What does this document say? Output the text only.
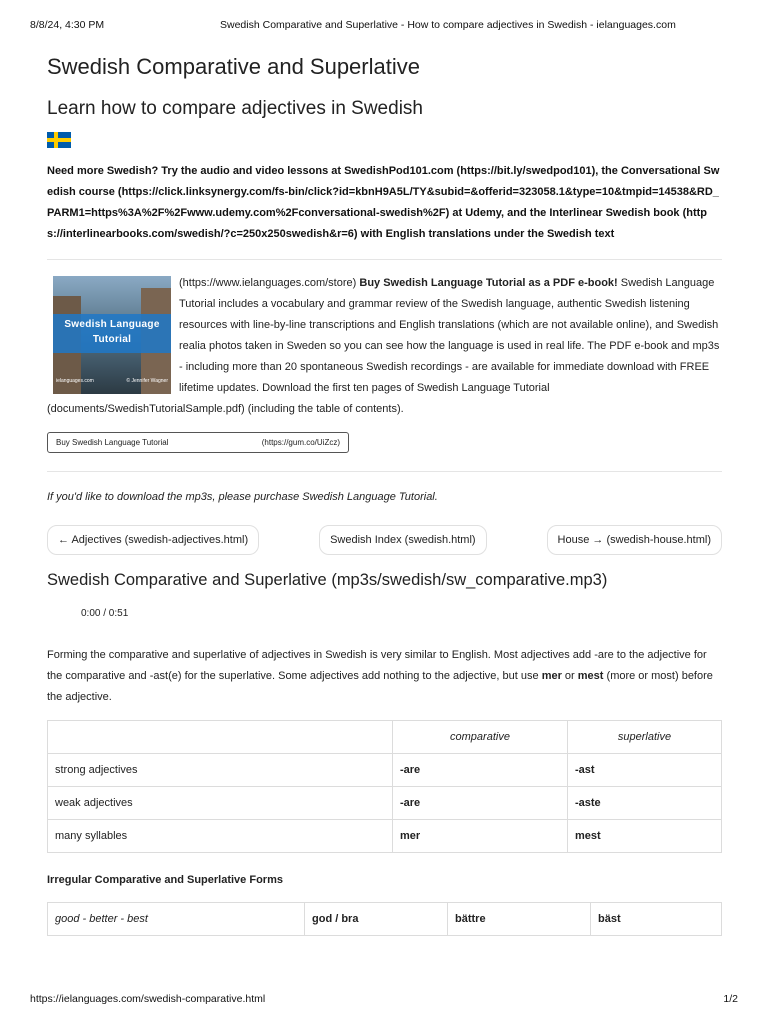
8/8/24, 4:30 PM	Swedish Comparative and Superlative - How to compare adjectives in Swedish - ielanguages.com
Swedish Comparative and Superlative
Learn how to compare adjectives in Swedish
Need more Swedish? Try the audio and video lessons at SwedishPod101.com (https://bit.ly/swedpod101), the Conversational Swedish course (https://click.linksynergy.com/fs-bin/click?id=kbnH9A5L/TY&subid=&offerid=323058.1&type=10&tmpid=14538&RD_PARM1=https%3A%2F%2Fwww.udemy.com%2Fconversational-swedish%2F) at Udemy, and the Interlinear Swedish book (https://interlinearbooks.com/swedish/?c=250x250swedish&r=6) with English translations under the Swedish text
Swedish Language
Tutorial
ielanguages.com	© Jennifer Wagner
(https://www.ielanguages.com/store) Buy Swedish Language Tutorial as a PDF e-book! Swedish Language Tutorial includes a vocabulary and grammar review of the Swedish language, authentic Swedish listening resources with line-by-line transcriptions and English translations (which are not available online), and Swedish realia photos taken in Sweden so you can see how the language is used in real life. The PDF e-book and mp3s - including more than 20 spontaneous Swedish recordings - are available for immediate download with FREE lifetime updates. Download the first ten pages of Swedish Language Tutorial (documents/SwedishTutorialSample.pdf) (including the table of contents).
Buy Swedish Language Tutorial	(https://gum.co/UiZcz)
If you'd like to download the mp3s, please purchase Swedish Language Tutorial.
← Adjectives (swedish-adjectives.html)	Swedish Index (swedish.html)	House → (swedish-house.html)
Swedish Comparative and Superlative (mp3s/swedish/sw_comparative.mp3)
0:00 / 0:51
Forming the comparative and superlative of adjectives in Swedish is very similar to English. Most adjectives add -are to the adjective for the comparative and -ast(e) for the superlative. Some adjectives add nothing to the adjective, but use mer or mest (more or most) before the adjective.
	comparative	superlative
strong adjectives	-are	-ast
weak adjectives	-are	-aste
many syllables	mer	mest
Irregular Comparative and Superlative Forms
good - better - best	god / bra	bättre	bäst
https://ielanguages.com/swedish-comparative.html	1/2
